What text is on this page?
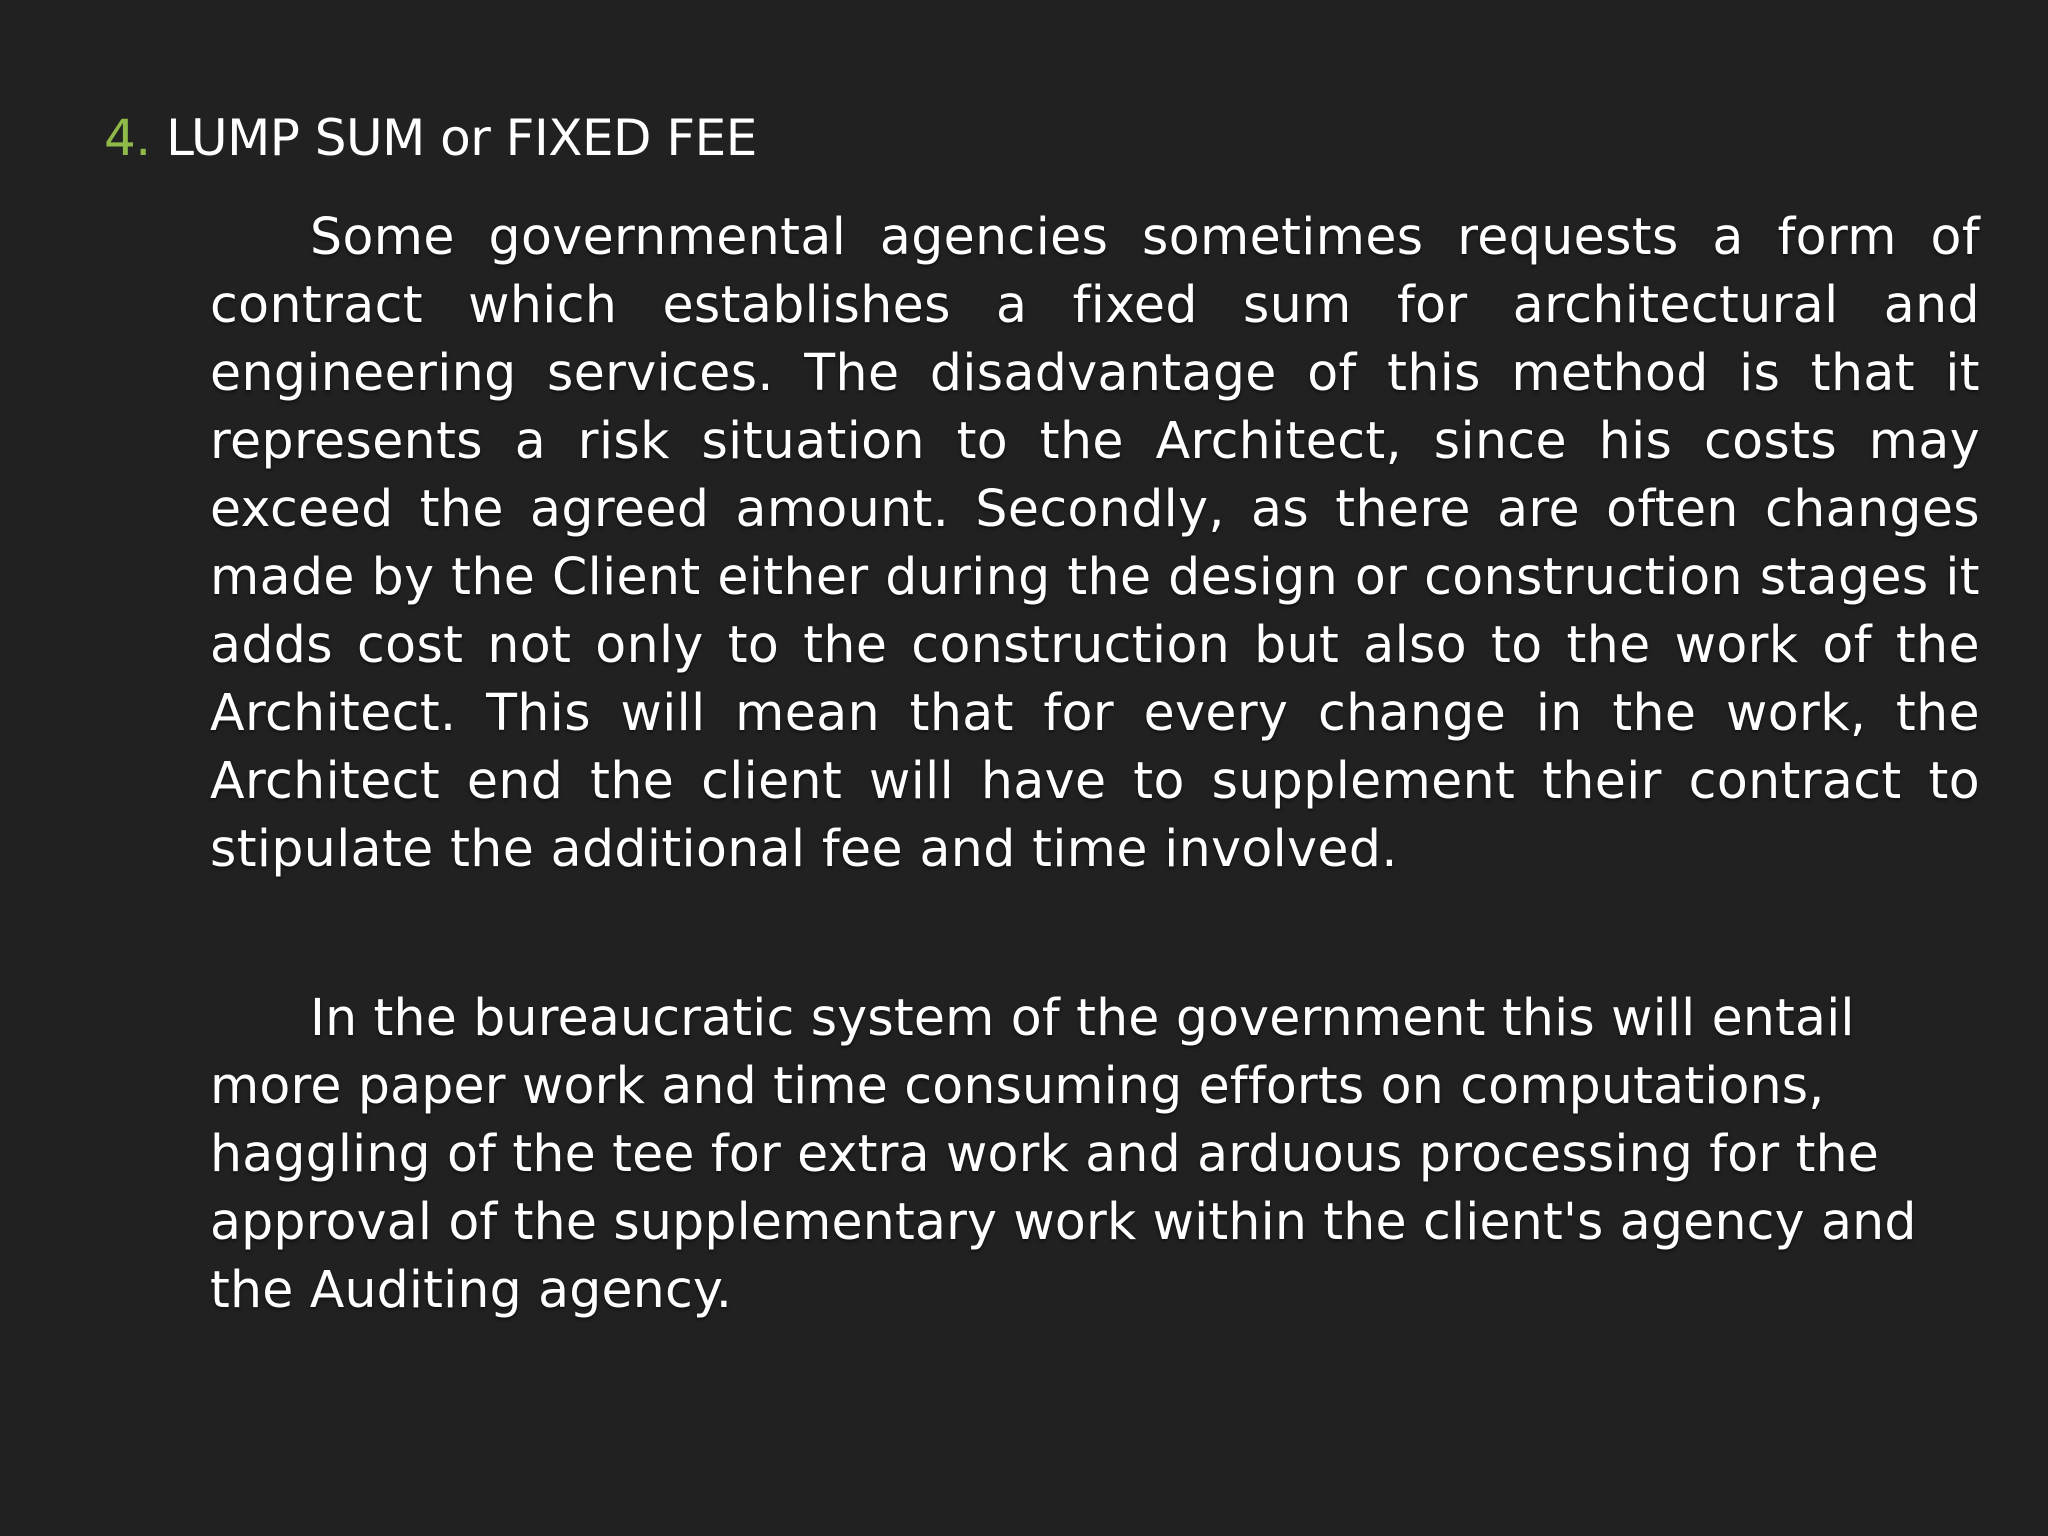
4. LUMP SUM or FIXED FEE

Some governmental agencies sometimes requests a form of contract which establishes a fixed sum for architectural and engineering services. The disadvantage of this method is that it represents a risk situation to the Architect, since his costs may exceed the agreed amount. Secondly, as there are often changes made by the Client either during the design or construction stages it adds cost not only to the construction but also to the work of the Architect. This will mean that for every change in the work, the Architect end the client will have to supplement their contract to stipulate the additional fee and time involved.

In the bureaucratic system of the government this will entail more paper work and time consuming efforts on computations, haggling of the tee for extra work and arduous processing for the approval of the supplementary work within the client's agency and the Auditing agency.
